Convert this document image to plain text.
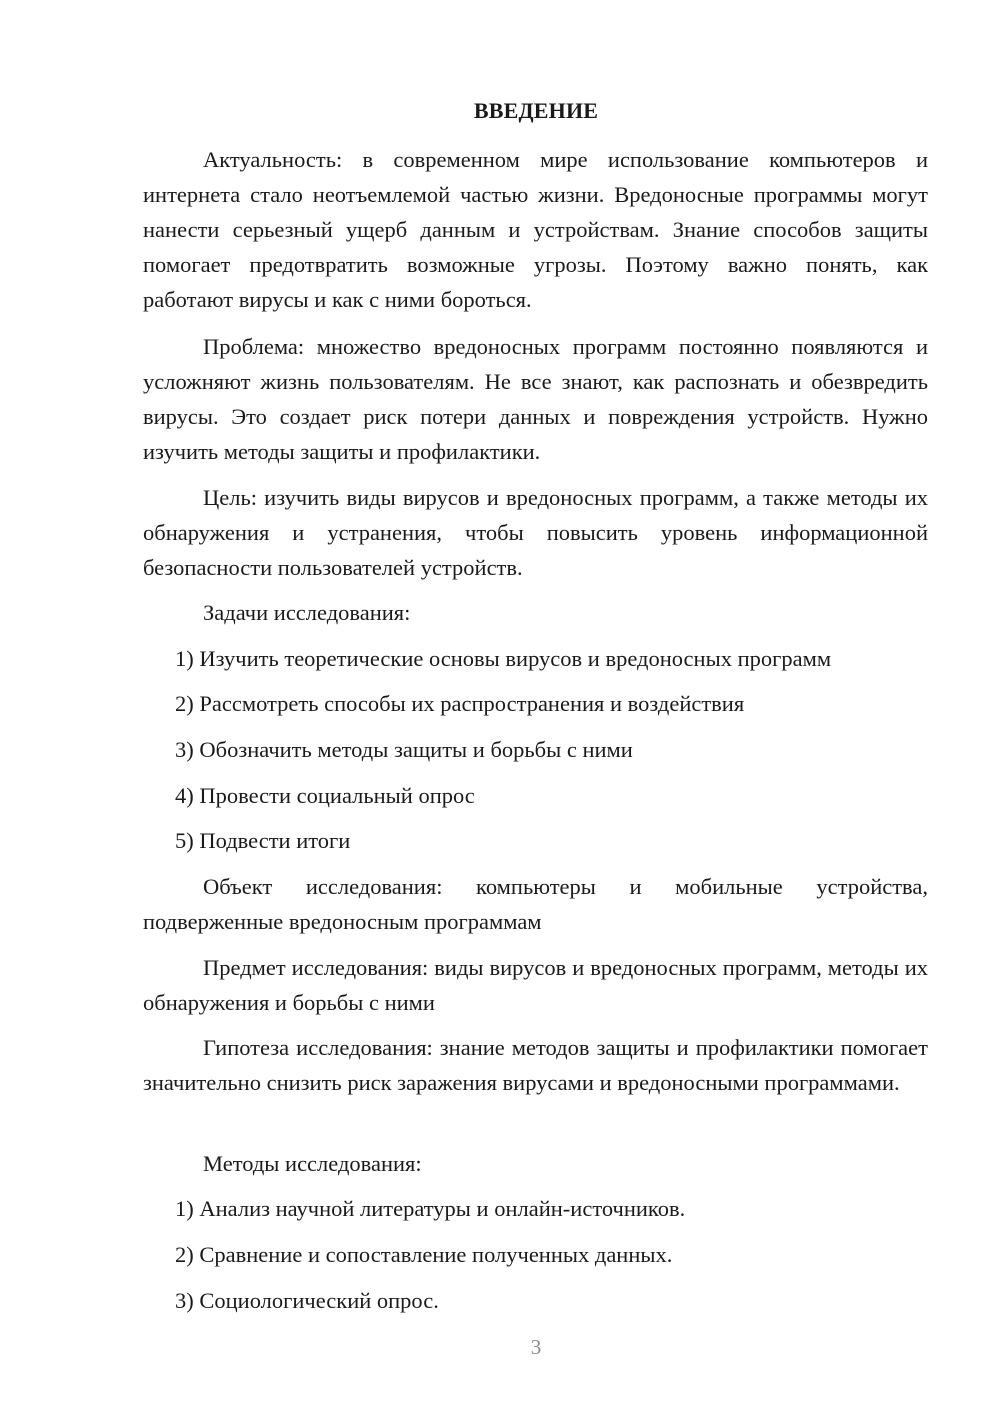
ВВЕДЕНИЕ

Актуальность: в современном мире использование компьютеров и интернета стало неотъемлемой частью жизни. Вредоносные программы могут нанести серьезный ущерб данным и устройствам. Знание способов защиты помогает предотвратить возможные угрозы. Поэтому важно понять, как работают вирусы и как с ними бороться.

Проблема: множество вредоносных программ постоянно появляются и усложняют жизнь пользователям. Не все знают, как распознать и обезвредить вирусы. Это создает риск потери данных и повреждения устройств. Нужно изучить методы защиты и профилактики.

Цель: изучить виды вирусов и вредоносных программ, а также методы их обнаружения и устранения, чтобы повысить уровень информационной безопасности пользователей устройств.

Задачи исследования:

1) Изучить теоретические основы вирусов и вредоносных программ

2) Рассмотреть способы их распространения и воздействия

3) Обозначить методы защиты и борьбы с ними

4) Провести социальный опрос

5) Подвести итоги

Объект исследования: компьютеры и мобильные устройства, подверженные вредоносным программам

Предмет исследования: виды вирусов и вредоносных программ, методы их обнаружения и борьбы с ними

Гипотеза исследования: знание методов защиты и профилактики помогает значительно снизить риск заражения вирусами и вредоносными программами.

Методы исследования:

1) Анализ научной литературы и онлайн-источников.

2) Сравнение и сопоставление полученных данных.

3) Социологический опрос.

3
